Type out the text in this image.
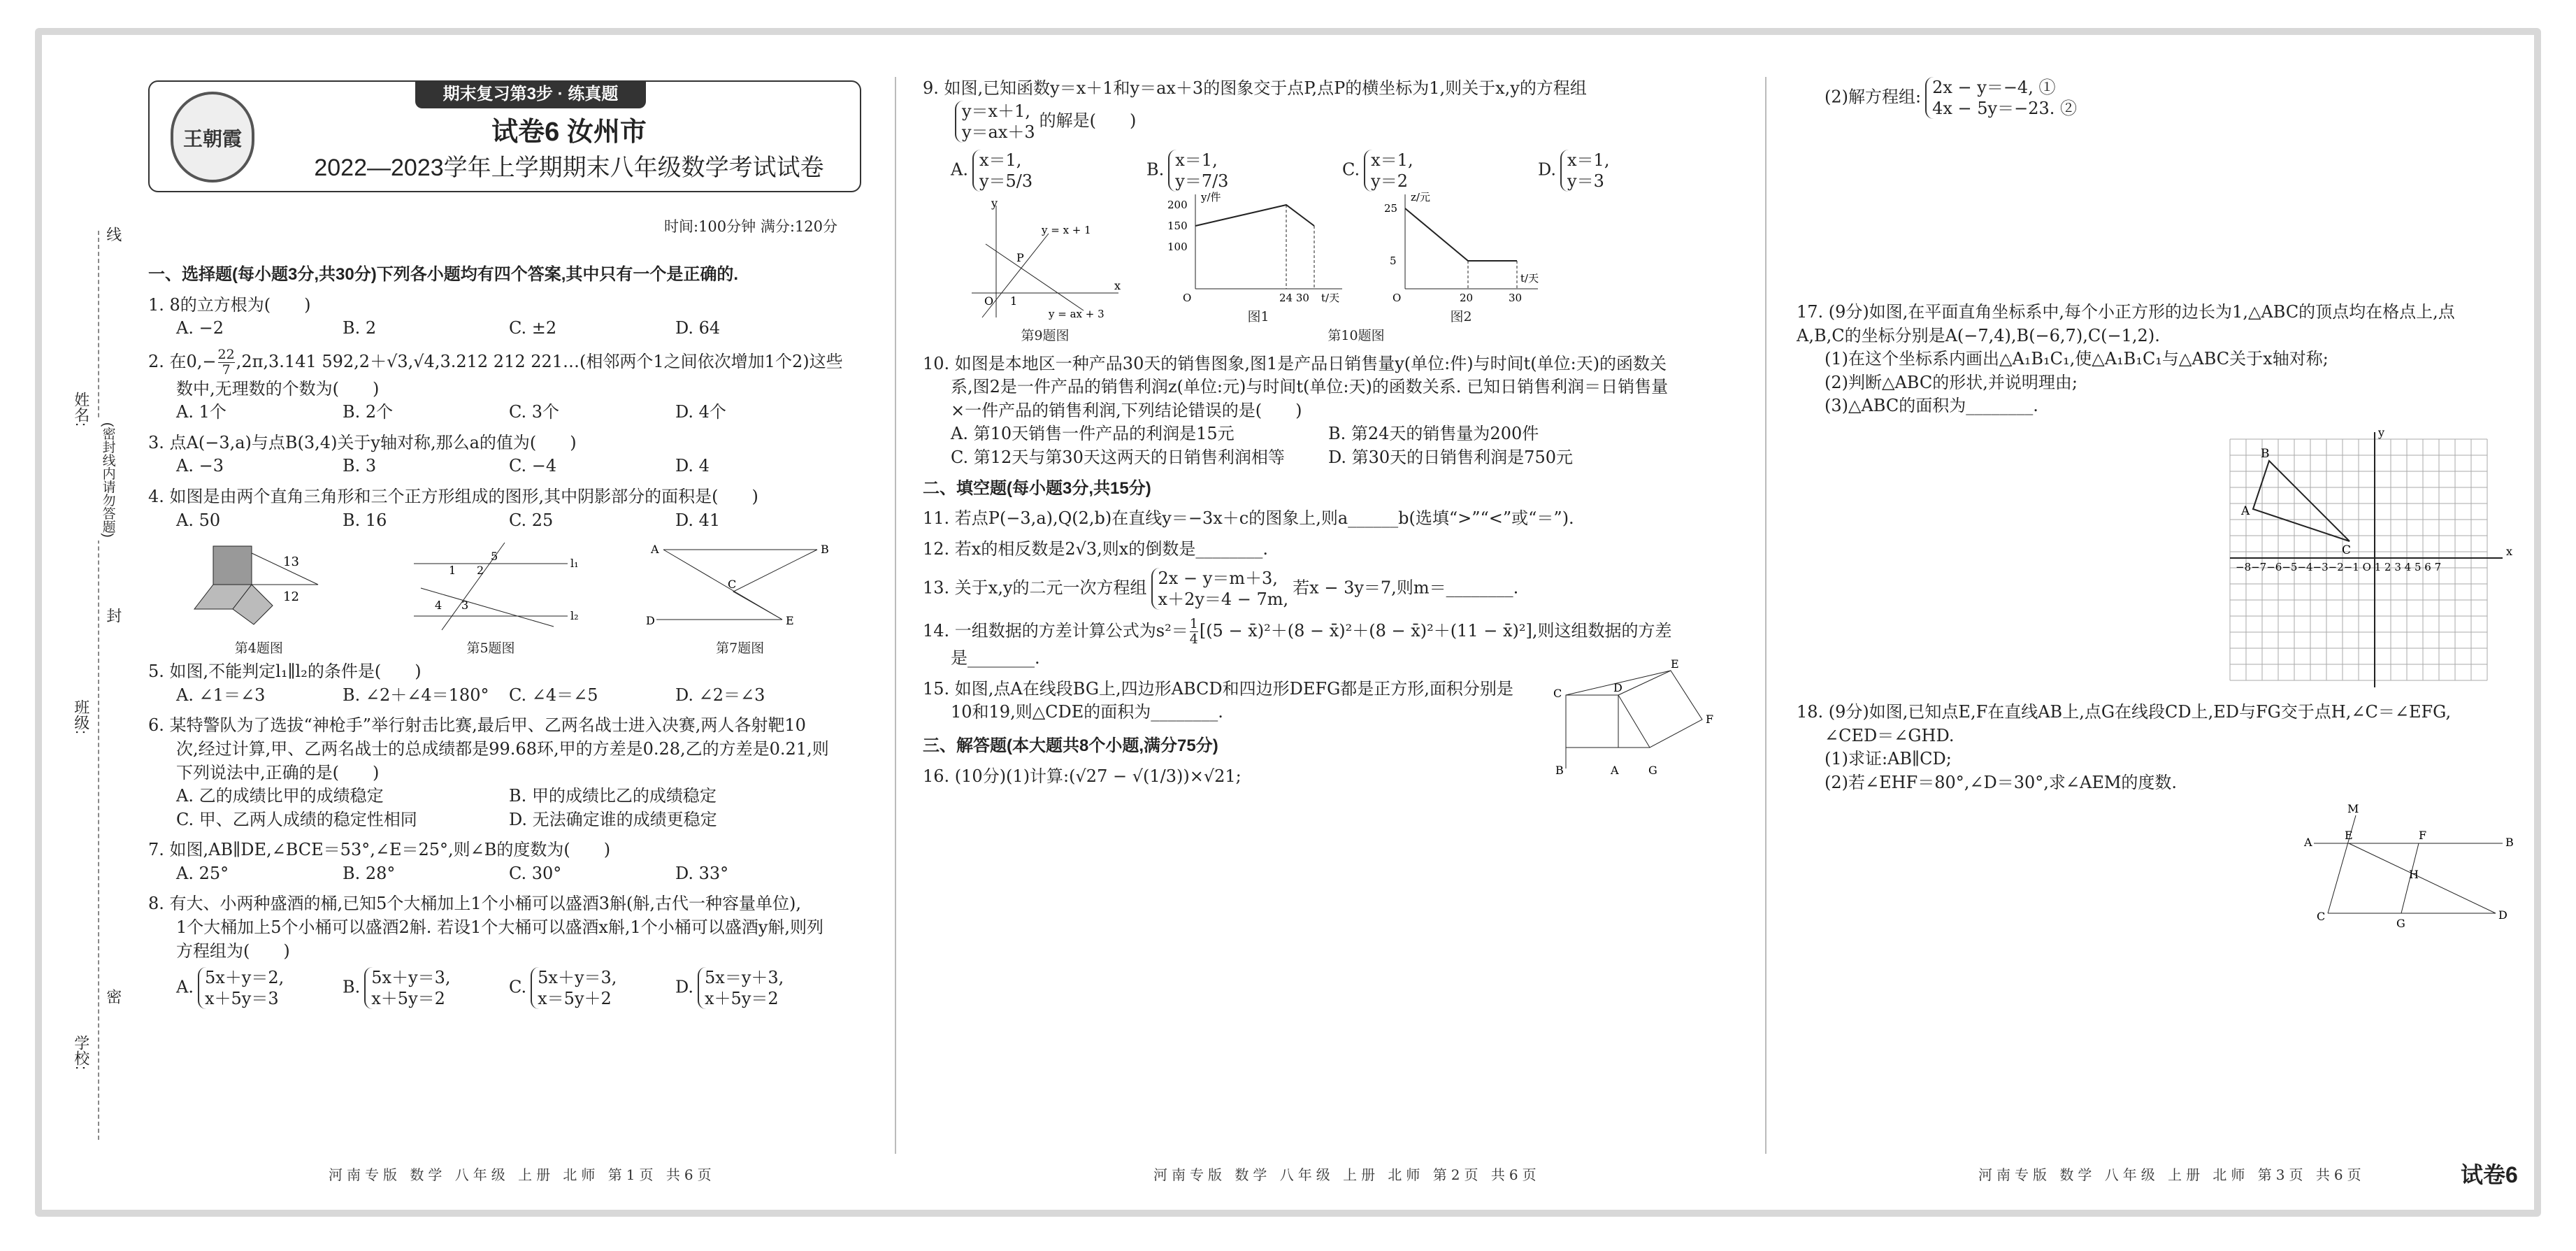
姓名:
班级:
学校:
线
封
密
(密封线内请勿答题)
期末复习第3步 · 练真题
王朝霞	试卷6 汝州市
2022—2023学年上学期期末八年级数学考试试卷
时间:100分钟 满分:120分
一、选择题(每小题3分,共30分)下列各小题均有四个答案,其中只有一个是正确的.
1. 8的立方根为(　　)
A. −2	B. 2	C. ±2	D. 64
2. 在$0,- \frac{22}{7} ,2\pi,3.141$ 592,2＋√3,√4,3.212 212 221…(相邻两个1之间依次增加1个2)这些
数中,无理数的个数为(　　)
A. 1个	B. 2个	C. 3个	D. 4个
3. 点A(−3,a)与点B(3,4)关于y轴对称,那么a的值为(　　)
A. −3	B. 3	C. −4	D. 4
4. 如图是由两个直角三角形和三个正方形组成的图形,其中阴影部分的面积是(　　)
A. 50	B. 16	C. 25	D. 41
13
12
第4题图
l₁
l₂
1 2
5
3
4
第5题图
A	B
C
D	E
第7题图
5. 如图,不能判定l₁∥l₂的条件是(　　)
A. ∠1＝∠3	B. ∠2＋∠4＝180° C. ∠4＝∠5	D. ∠2＝∠3
6. 某特警队为了选拔“神枪手”举行射击比赛,最后甲、乙两名战士进入决赛,两人各射靶10
次,经过计算,甲、乙两名战士的总成绩都是99.68环,甲的方差是0.28,乙的方差是0.21,则
下列说法中,正确的是(　　)
A. 乙的成绩比甲的成绩稳定	B. 甲的成绩比乙的成绩稳定
C. 甲、乙两人成绩的稳定性相同	D. 无法确定谁的成绩更稳定
7. 如图,AB∥DE,∠BCE＝53°,∠E＝25°,则∠B的度数为(　　)
A. 25°	B. 28°	C. 30°	D. 33°
8. 有大、小两种盛酒的桶,已知5个大桶加上1个小桶可以盛酒3斛(斛,古代一种容量单位),
1个大桶加上5个小桶可以盛酒2斛. 若设1个大桶可以盛酒x斛,1个小桶可以盛酒y斛,则列
方程组为(　　)
A. 5x＋y＝2,
x＋5y＝3
B. 5x＋y＝3,
x＋5y＝2
C. 5x＋y＝3,
x＝5y＋2
D. 5x＝y＋3,
x＋5y＝2
9. 如图,已知函数y＝x＋1和y＝ax＋3的图象交于点P,点P的横坐标为1,则关于x,y的方程组
y＝x＋1,
y＝ax＋3
的解是(　　)
A. x＝1,
y＝5/3
B. x＝1,
y＝7/3
C. x＝1,
y＝2
D. x＝1,
y＝3
y
x
O 1
P
y = x + 1
y = ax + 3
第9题图
200
150
100
O	24 30 t/天
y/件
图1
25
5
O	20	30
t/天
z/元
图2
第10题图
10. 如图是本地区一种产品30天的销售图象,图1是产品日销售量y(单位:件)与时间t(单位:天)的函数关
系,图2是一件产品的销售利润z(单位:元)与时间t(单位:天)的函数关系. 已知日销售利润＝日销售量
×一件产品的销售利润,下列结论错误的是(　　)
A. 第10天销售一件产品的利润是15元	B. 第24天的销售量为200件
C. 第12天与第30天这两天的日销售利润相等	D. 第30天的日销售利润是750元
二、填空题(每小题3分,共15分)
11. 若点P(−3,a),Q(2,b)在直线y＝−3x＋c的图象上,则a______b(选填“>”“<”或“＝”).
12. 若x的相反数是2√3,则x的倒数是________.
13. 关于x,y的二元一次方程组 2x − y＝m＋3,
x＋2y＝4 − 7m,
若x − 3y＝7,则m＝________.
14. 一组数据的方差计算公式为$s^2= \frac{1}{4} [(5$ − x̄)²＋(8 − x̄)²＋(8 − x̄)²＋(11 − x̄)²],则这组数据的方差
是________.
15. 如图,点A在线段BG上,四边形ABCD和四边形DEFG都是正方形,面积分别是
10和19,则△CDE的面积为________.
C	D
E
F
B	A	G
三、解答题(本大题共8个小题,满分75分)
16. (10分)(1)计算:(√27 − √(1/3))×√21;
(2)解方程组: 2x − y＝−4, ①
4x − 5y＝−23. ②
17. (9分)如图,在平面直角坐标系中,每个小正方形的边长为1,△ABC的顶点均在格点上,点
A,B,C的坐标分别是A(−7,4),B(−6,7),C(−1,2).
(1)在这个坐标系内画出△A₁B₁C₁,使△A₁B₁C₁与△ABC关于x轴对称;
(2)判断△ABC的形状,并说明理由;
(3)△ABC的面积为________.
A
B
C	x
y
−8−7−6−5−4−3−2−1 O 1 2 3 4 5 6 7
18. (9分)如图,已知点E,F在直线AB上,点G在线段CD上,ED与FG交于点H,∠C＝∠EFG,
∠CED＝∠GHD.
(1)求证:AB∥CD;
(2)若∠EHF＝80°,∠D＝30°,求∠AEM的度数.
A	B
M
E	F
H
C
G
D
河南专版 数学 八年级 上册 北师 第1页 共6页	河南专版 数学 八年级 上册 北师 第2页 共6页	河南专版 数学 八年级 上册 北师 第3页 共6页	试卷6
